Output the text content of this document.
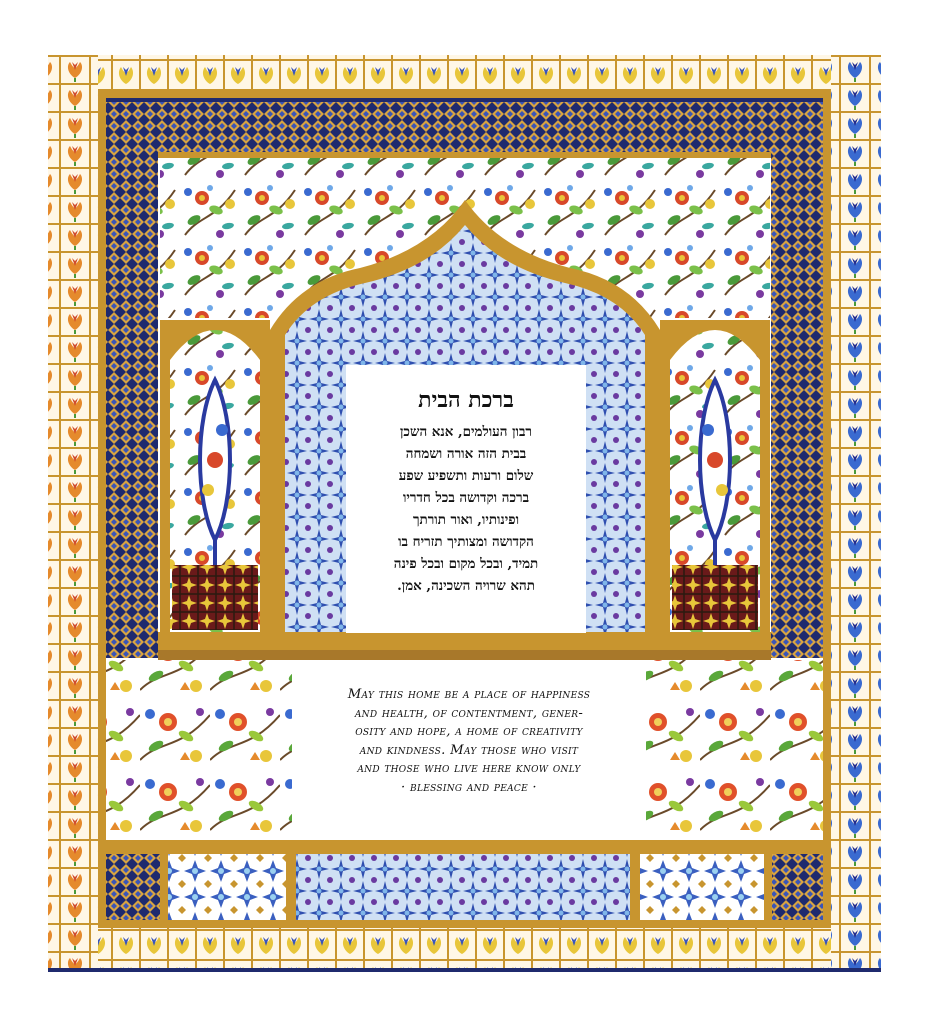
ברכת הבית
רבון העולמים, אנא השכן
בבית הזה אורה ושמחה
שלום ורעות ותשפיע שפע
ברכה וקדושה בכל חדריו
ופינותיו, ואור תורתך
הקדושה ומצותיך תזריח בו
תמיד, ובכל מקום ובכל פינה
תהא שרויה השכינה, אמן.
May this home be a place of happiness
and health, of contentment, gener-
osity and hope, a home of creativity
and kindness. May those who visit
and those who live here know only
· blessing and peace ·
